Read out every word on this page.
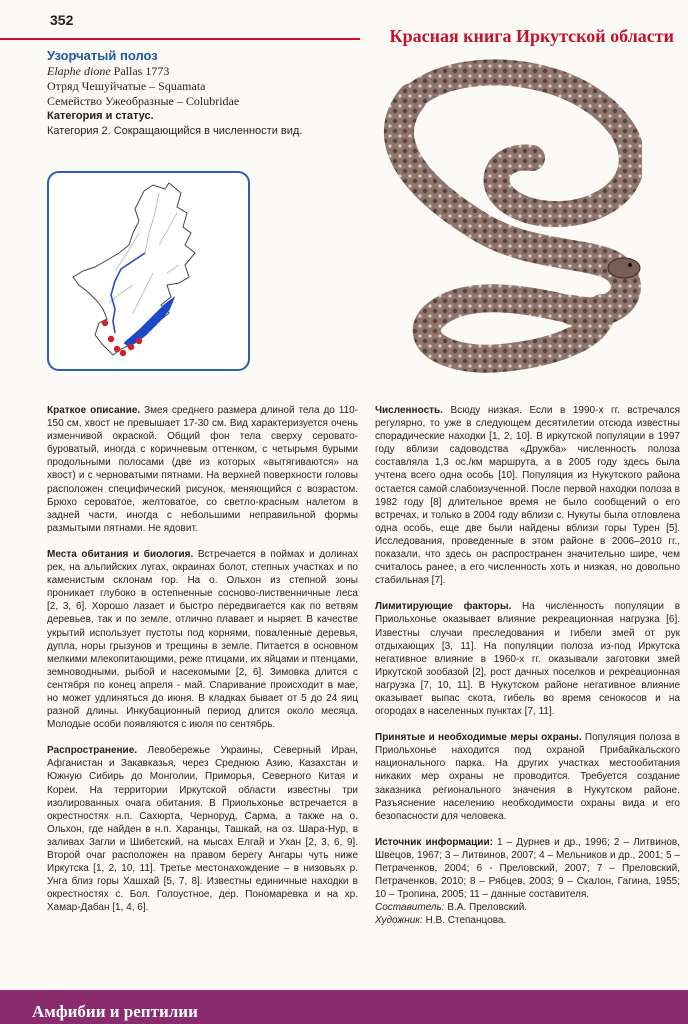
352
Красная книга Иркутской области
Узорчатый полоз
Elaphe dione Pallas 1773
Отряд Чешуйчатые – Squamata
Семейство Ужеобразные – Colubridae
Категория и статус.
Категория 2. Сокращающийся в численности вид.

Краткое описание. Змея среднего размера длиной тела до 110-150 см, хвост не превышает 17-30 см. Вид характеризуется очень изменчивой окраской. Общий фон тела сверху серовато-буроватый, иногда с коричневым оттенком, с четырьмя бурыми продольными полосами (две из которых «вытягиваются» на хвост) и с черноватыми пятнами. На верхней поверхности головы расположен специфический рисунок, меняющийся с возрастом. Брюхо сероватое, желтоватое, со светло-красным налетом в задней части, иногда с небольшими неправильной формы размытыми пятнами. Не ядовит.

Места обитания и биология. Встречается в поймах и долинах рек, на альпийских лугах, окраинах болот, степных участках и по каменистым склонам гор. На о. Ольхон из степной зоны проникает глубоко в остепненные сосново-лиственничные леса [2, 3, 6]. Хорошо лазает и быстро передвигается как по ветвям деревьев, так и по земле, отлично плавает и ныряет. В качестве укрытий использует пустоты под корнями, поваленные деревья, дупла, норы грызунов и трещины в земле. Питается в основном мелкими млекопитающими, реже птицами, их яйцами и птенцами, земноводными, рыбой и насекомыми [2, 6]. Зимовка длится с сентября по конец апреля - май. Спаривание происходит в мае, но может удлиняться до июня. В кладках бывает от 5 до 24 яиц разной длины. Инкубационный период длится около месяца. Молодые особи появляются с июля по сентябрь.

Распространение. Левобережье Украины, Северный Иран, Афганистан и Закавказья, через Среднюю Азию, Казахстан и Южную Сибирь до Монголии, Приморья, Северного Китая и Кореи. На территории Иркутской области известны три изолированных очага обитания. В Приольхонье встречается в окрестностях н.п. Сахюрта, Черноруд, Сарма, а также на о. Ольхон, где найден в н.п. Харанцы, Ташкай, на оз. Шара-Нур, в заливах Загли и Шибетский, на мысах Елгай и Ухан [2, 3, 6, 9]. Второй очаг расположен на правом берегу Ангары чуть ниже Иркутска [1, 2, 10, 11]. Третье местонахождение – в низовьях р. Унга близ горы Хашхай [5, 7, 8]. Известны единичные находки в окрестностях с. Бол. Голоустное, дер. Пономаревка и на хр. Хамар-Дабан [1, 4, 6].

Численность. Всюду низкая. Если в 1990-х гг. встречался регулярно, то уже в следующем десятилетии отсюда известны спорадические находки [1, 2, 10]. В иркутской популяции в 1997 году вблизи садоводства «Дружба» численность полоза составляла 1,3 ос./км маршрута, а в 2005 году здесь была учтена всего одна особь [10]. Популяция из Нукутского района остается самой слабоизученной. После первой находки полоза в 1982 году [8] длительное время не было сообщений о его встречах, и только в 2004 году вблизи с. Нукуты была отловлена одна особь, еще две были найдены вблизи горы Турен [5]. Исследования, проведенные в этом районе в 2006–2010 гг., показали, что здесь он распространен значительно шире, чем считалось ранее, а его численность хоть и низкая, но довольно стабильная [7].

Лимитирующие факторы. На численность популяции в Приольхонье оказывает влияние рекреационная нагрузка [6]. Известны случаи преследования и гибели змей от рук отдыхающих [3, 11]. На популяции полоза из-под Иркутска негативное влияние в 1960-х гг. оказывали заготовки змей Иркутской зообазой [2], рост дачных поселков и рекреационная нагрузка [7, 10, 11]. В Нукутском районе негативное влияние оказывает выпас скота, гибель во время сенокосов и на огородах в населенных пунктах [7, 11].

Принятые и необходимые меры охраны. Популяция полоза в Приольхонье находится под охраной Прибайкальского национального парка. На других участках местообитания никаких мер охраны не проводится. Требуется создание заказника регионального значения в Нукутском районе. Разъяснение населению необходимости охраны вида и его безопасности для человека.

Источник информации: 1 – Дурнев и др., 1996; 2 – Литвинов, Швецов, 1967; 3 – Литвинов, 2007; 4 – Мельников и др., 2001; 5 – Петраченков, 2004; 6 - Преловский, 2007; 7 – Преловский, Петраченков, 2010; 8 – Рябцев, 2003; 9 – Скалон, Гагина, 1955; 10 – Тропина, 2005; 11 – данные составителя.

Составитель: В.А. Преловский.
Художник: Н.В. Степанцова.
Амфибии и рептилии
